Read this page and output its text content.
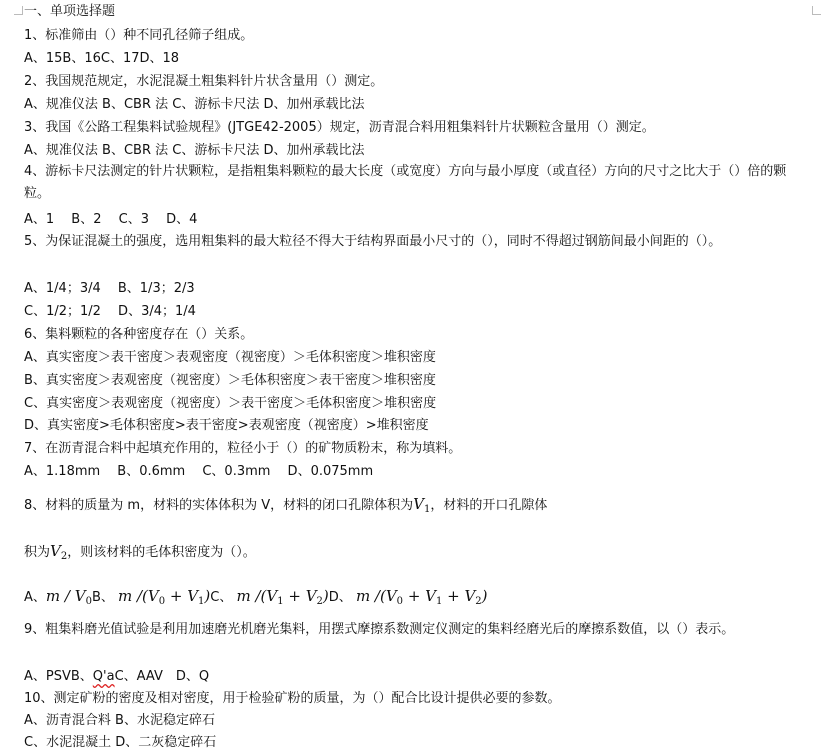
一、单项选择题
1、标准筛由（）种不同孔径筛子组成。
A、15B、16C、17D、18
2、我国规范规定，水泥混凝土粗集料针片状含量用（）测定。
A、规准仪法 B、CBR 法 C、游标卡尺法 D、加州承载比法
3、我国《公路工程集料试验规程》(JTGE42-2005）规定，沥青混合料用粗集料针片状颗粒含量用（）测定。
A、规准仪法 B、CBR 法 C、游标卡尺法 D、加州承载比法
4、游标卡尺法测定的针片状颗粒，是指粗集料颗粒的最大长度（或宽度）方向与最小厚度（或直径）方向的尺寸之比大于（）倍的颗粒。
A、1　 B、2　 C、3　 D、4
5、为保证混凝土的强度，选用粗集料的最大粒径不得大于结构界面最小尺寸的（），同时不得超过钢筋间最小间距的（）。
A、1/4；3/4　 B、1/3；2/3
C、1/2；1/2　 D、3/4；1/4
6、集料颗粒的各种密度存在（）关系。
A、真实密度＞表干密度＞表观密度（视密度）＞毛体积密度＞堆积密度
B、真实密度＞表观密度（视密度）＞毛体积密度＞表干密度＞堆积密度
C、真实密度＞表观密度（视密度）＞表干密度＞毛体积密度＞堆积密度
D、真实密度>毛体积密度>表干密度>表观密度（视密度）>堆积密度
7、在沥青混合料中起填充作用的，粒径小于（）的矿物质粉末，称为填料。
A、1.18mm　 B、0.6mm　 C、0.3mm　 D、0.075mm
8、材料的质量为 m，材料的实体体积为 V，材料的闭口孔隙体积为$V_1$，材料的开口孔隙体
积为$V_2$，则该材料的毛体积密度为（）。
A、m / $V_0B$、 m $/(V_0 + V_1)C$、 m $/(V_1 + V_2)D$、 m $/(V_0 + V_1 + V_2)$
9、粗集料磨光值试验是利用加速磨光机磨光集料，用摆式摩擦系数测定仪测定的集料经磨光后的摩擦系数值，以（）表示。
A、PSVB、Q'aC、AAV　D、Q
10、测定矿粉的密度及相对密度，用于检验矿粉的质量，为（）配合比设计提供必要的参数。
A、沥青混合料 B、水泥稳定碎石
C、水泥混凝土 D、二灰稳定碎石
